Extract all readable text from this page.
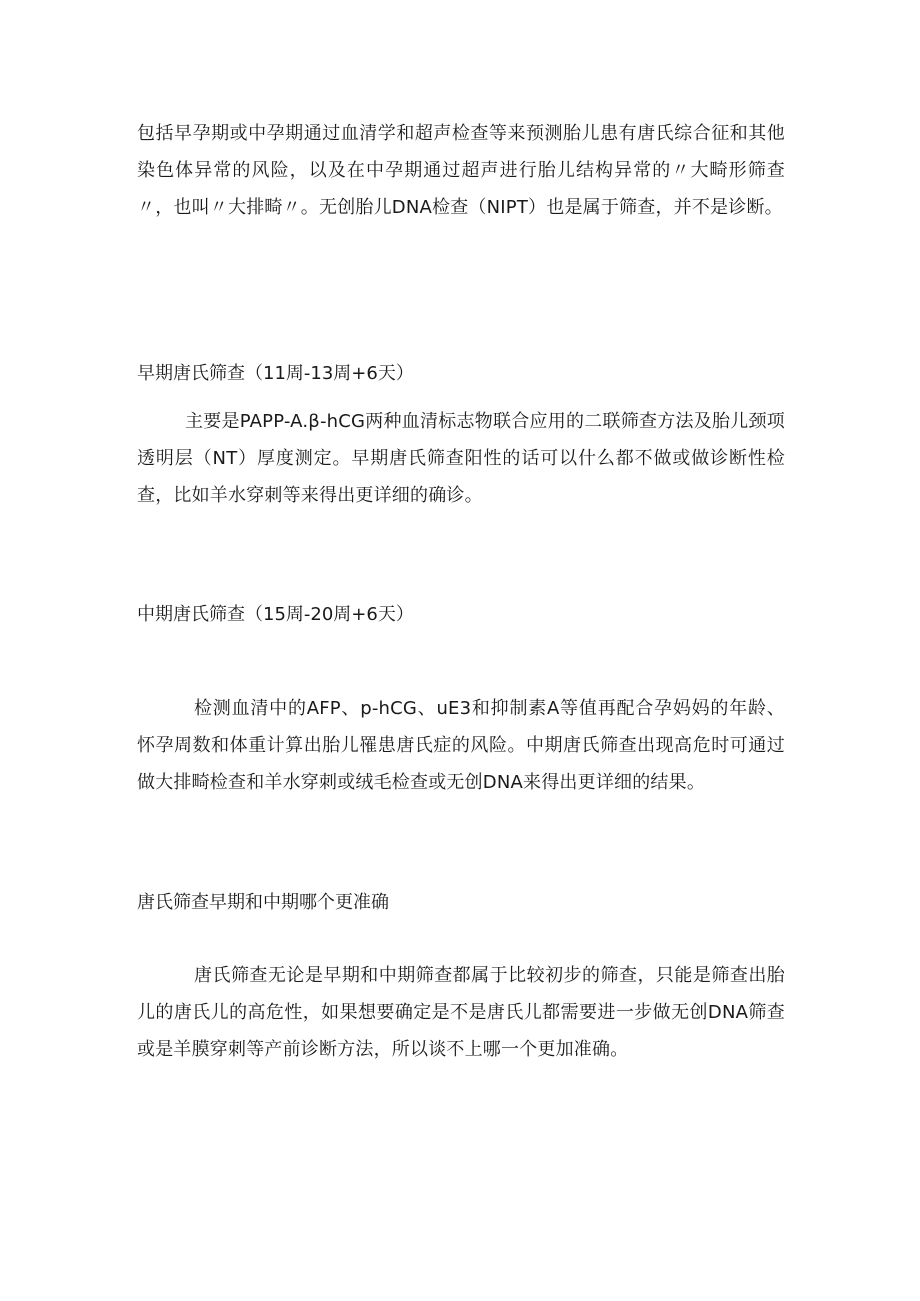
包括早孕期或中孕期通过血清学和超声检查等来预测胎儿患有唐氏综合征和其他染色体异常的风险，以及在中孕期通过超声进行胎儿结构异常的〃大畸形筛查〃，也叫〃大排畸〃。无创胎儿DNA检查（NIPT）也是属于筛查，并不是诊断。

早期唐氏筛查（11周-13周+6天）

主要是PAPP-A.β-hCG两种血清标志物联合应用的二联筛查方法及胎儿颈项透明层（NT）厚度测定。早期唐氏筛查阳性的话可以什么都不做或做诊断性检查，比如羊水穿刺等来得出更详细的确诊。

中期唐氏筛查（15周-20周+6天）

检测血清中的AFP、p-hCG、uE3和抑制素A等值再配合孕妈妈的年龄、怀孕周数和体重计算出胎儿罹患唐氏症的风险。中期唐氏筛查出现高危时可通过做大排畸检查和羊水穿刺或绒毛检查或无创DNA来得出更详细的结果。

唐氏筛查早期和中期哪个更准确

唐氏筛查无论是早期和中期筛查都属于比较初步的筛查，只能是筛查出胎儿的唐氏儿的高危性，如果想要确定是不是唐氏儿都需要进一步做无创DNA筛查或是羊膜穿刺等产前诊断方法，所以谈不上哪一个更加准确。
